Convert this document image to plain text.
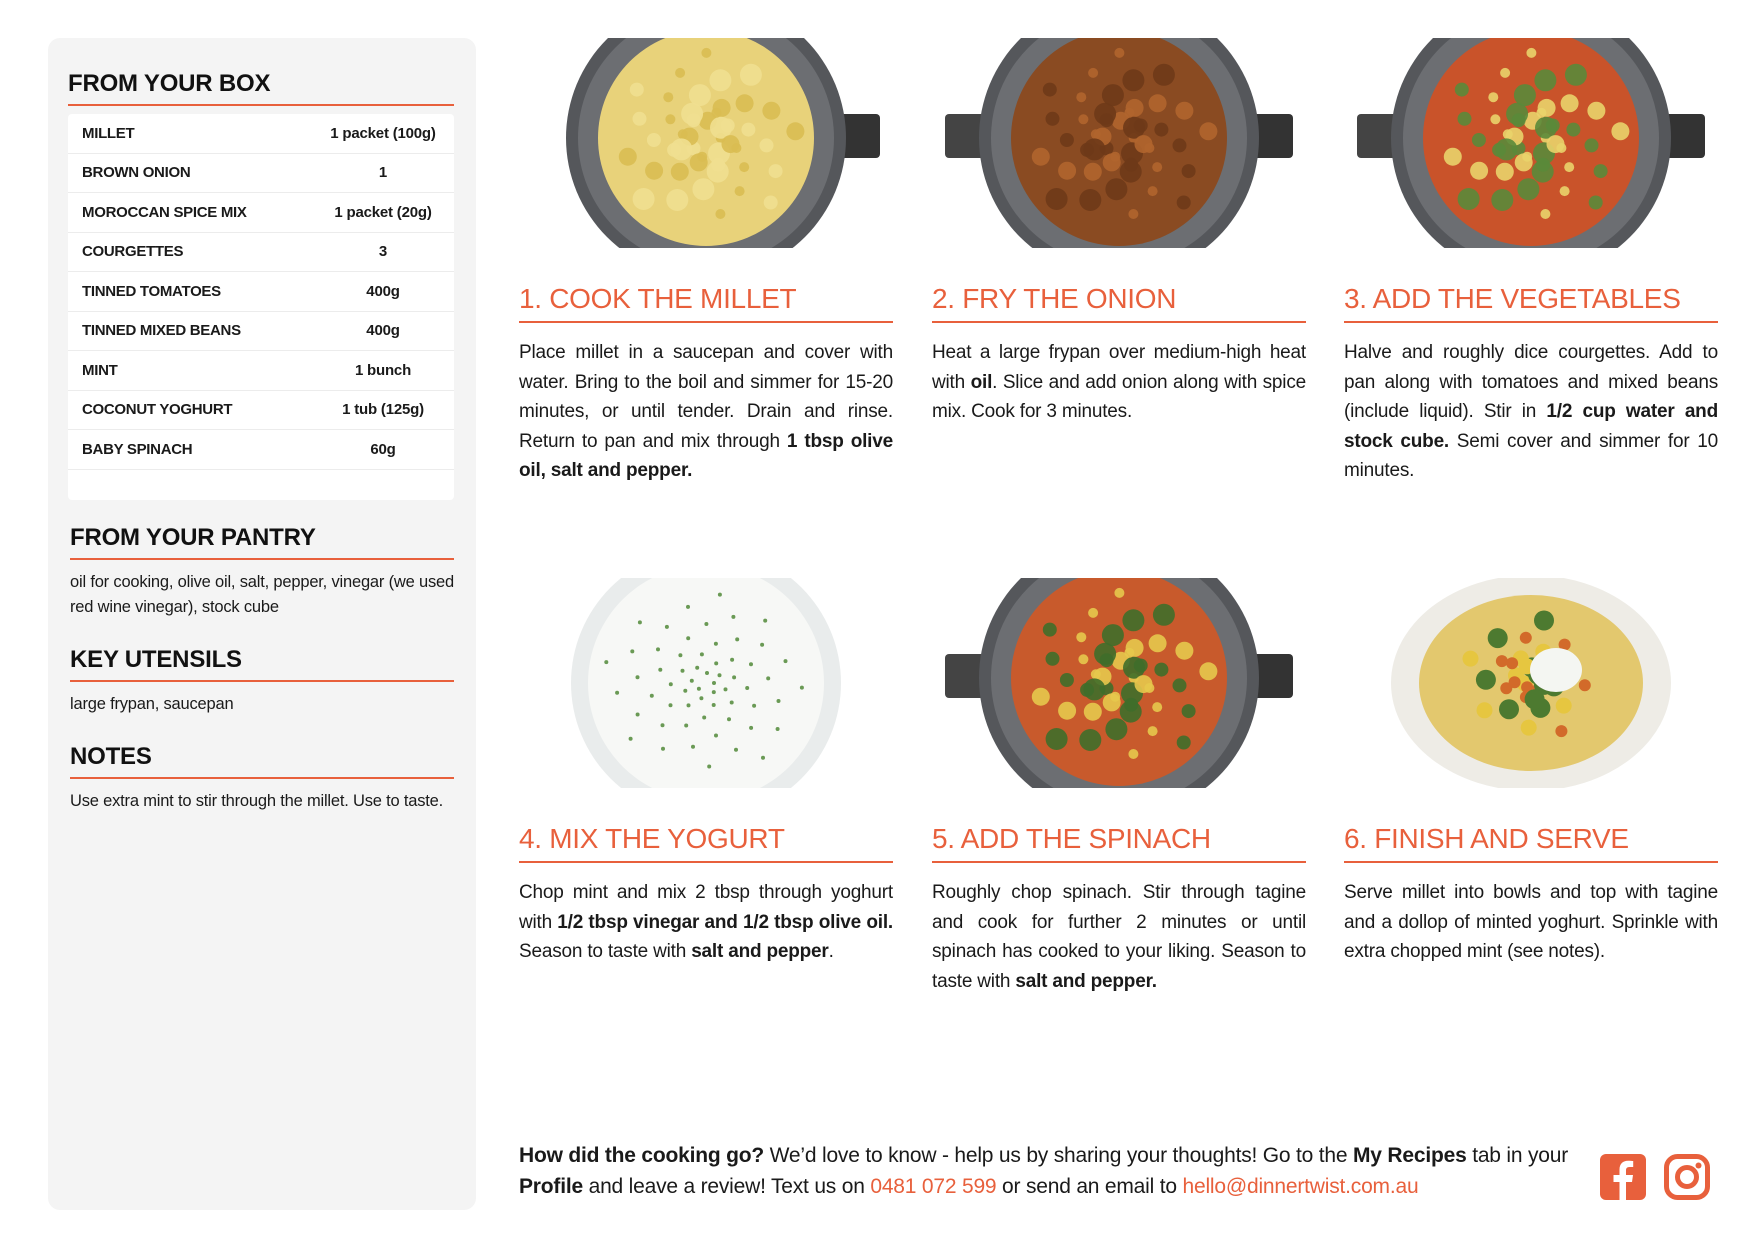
FROM YOUR BOX
MILLET	1 packet (100g)
BROWN ONION	1
MOROCCAN SPICE MIX	1 packet (20g)
COURGETTES	3
TINNED TOMATOES	400g
TINNED MIXED BEANS	400g
MINT	1 bunch
COCONUT YOGHURT	1 tub (125g)
BABY SPINACH	60g
FROM YOUR PANTRY

oil for cooking, olive oil, salt, pepper, vinegar (we used red wine vinegar), stock cube

KEY UTENSILS

large frypan, saucepan

NOTES

Use extra mint to stir through the millet. Use to taste.

1. COOK THE MILLET

Place millet in a saucepan and cover with water. Bring to the boil and simmer for 15-20 minutes, or until tender. Drain and rinse. Return to pan and mix through 1 tbsp olive oil, salt and pepper.

2. FRY THE ONION

Heat a large frypan over medium-high heat with oil. Slice and add onion along with spice mix. Cook for 3 minutes.

3. ADD THE VEGETABLES

Halve and roughly dice courgettes. Add to pan along with tomatoes and mixed beans (include liquid). Stir in 1/2 cup water and stock cube. Semi cover and simmer for 10 minutes.

4. MIX THE YOGURT

Chop mint and mix 2 tbsp through yoghurt with 1/2 tbsp vinegar and 1/2 tbsp olive oil. Season to taste with salt and pepper.

5. ADD THE SPINACH

Roughly chop spinach. Stir through tagine and cook for further 2 minutes or until spinach has cooked to your liking. Season to taste with salt and pepper.

6. FINISH AND SERVE

Serve millet into bowls and top with tagine and a dollop of minted yoghurt. Sprinkle with extra chopped mint (see notes).

How did the cooking go? We’d love to know - help us by sharing your thoughts! Go to the My Recipes tab in your Profile and leave a review! Text us on 0481 072 599 or send an email to hello@dinnertwist.com.au
